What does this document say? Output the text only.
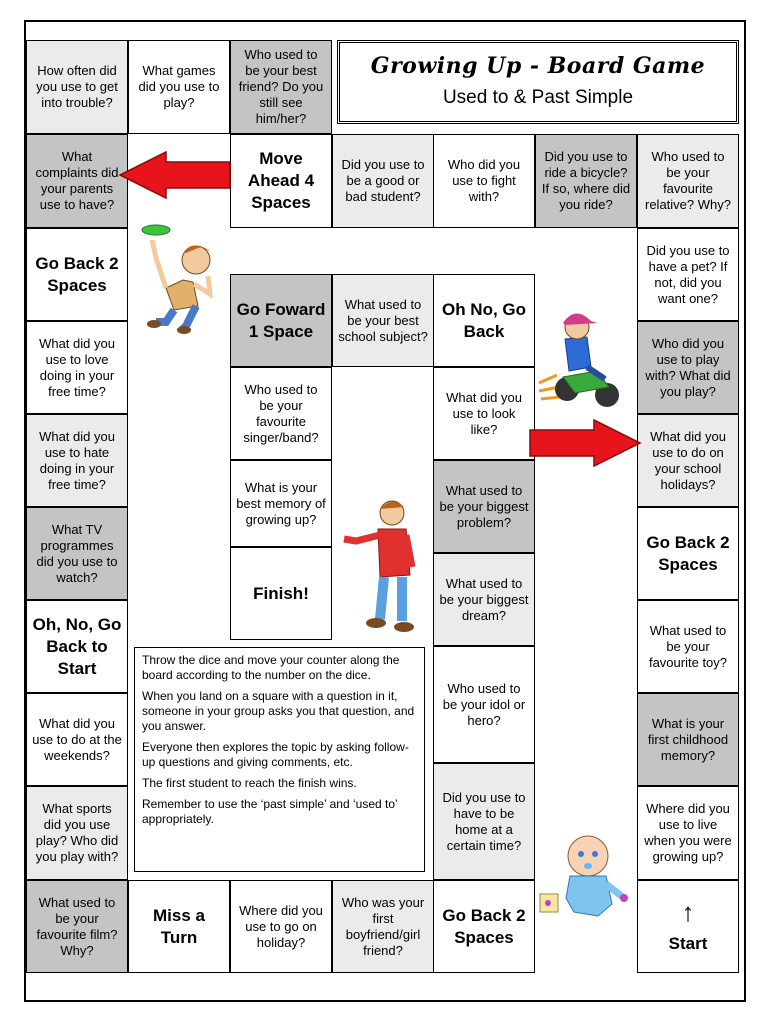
Growing Up - Board Game
Used to & Past Simple
How often did you use to get into trouble?
What games did you use to play?
Who used to be your best friend? Do you still see him/her?
What complaints did your parents use to have?
Move Ahead 4 Spaces
Did you use to be a good or bad student?
Who did you use to fight with?
Did you use to ride a bicycle? If so, where did you ride?
Who used to be your favourite relative? Why?
Go Back 2 Spaces
What did you use to love doing in your free time?
What did you use to hate doing in your free time?
What TV programmes did you use to watch?
Oh, No, Go Back to Start
What did you use to do at the weekends?
What sports did you use play? Who did you play with?
Did you use to have a pet? If not, did you want one?
Who did you use to play with? What did you play?
What did you use to do on your school holidays?
Go Back 2 Spaces
What used to be your favourite toy?
What is your first childhood memory?
Where did you use to live when you were growing up?
Go Foward 1 Space
What used to be your best school subject?
Oh No, Go Back
Who used to be your favourite singer/band?
What did you use to look like?
What is your best memory of growing up?
What used to be your biggest problem?
Finish!
What used to be your biggest dream?
Who used to be your idol or hero?
Did you use to have to be home at a certain time?
What used to be your favourite film? Why?
Miss a Turn
Where did you use to go on holiday?
Who was your first boyfriend/girl friend?
Go Back 2 Spaces
↑
Start

Throw the dice and move your counter along the board according to the number on the dice.

When you land on a square with a question in it, someone in your group asks you that question, and you answer.

Everyone then explores the topic by asking follow-up questions and giving comments, etc.

The first student to reach the finish wins.

Remember to use the ‘past simple’ and ‘used to’ appropriately.
